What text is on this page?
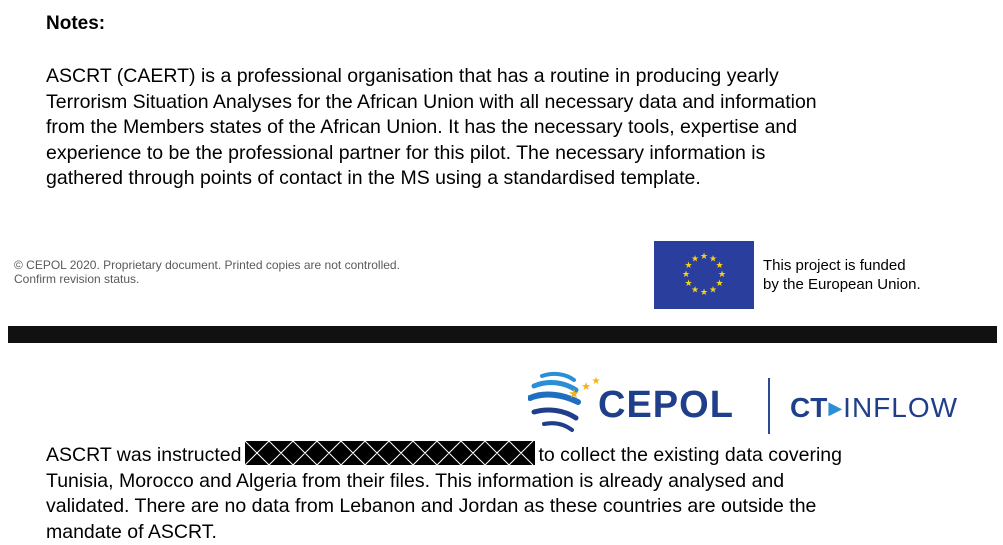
Notes:

ASCRT (CAERT) is a professional organisation that has a routine in producing yearly
Terrorism Situation Analyses for the African Union with all necessary data and information
from the Members states of the African Union. It has the necessary tools, expertise and
experience to be the professional partner for this pilot. The necessary information is
gathered through points of contact in the MS using a standardised template.

© CEPOL 2020. Proprietary document. Printed copies are not controlled.
Confirm revision status.
★ ★
★
★
★
★
★
★
★
★
★
★	This project is funded
by the European Union.
★
★ ★
CEPOL CT▶INFLOW

ASCRT was instructed	to collect the existing data covering
Tunisia, Morocco and Algeria from their files. This information is already analysed and
validated. There are no data from Lebanon and Jordan as these countries are outside the
mandate of ASCRT.
